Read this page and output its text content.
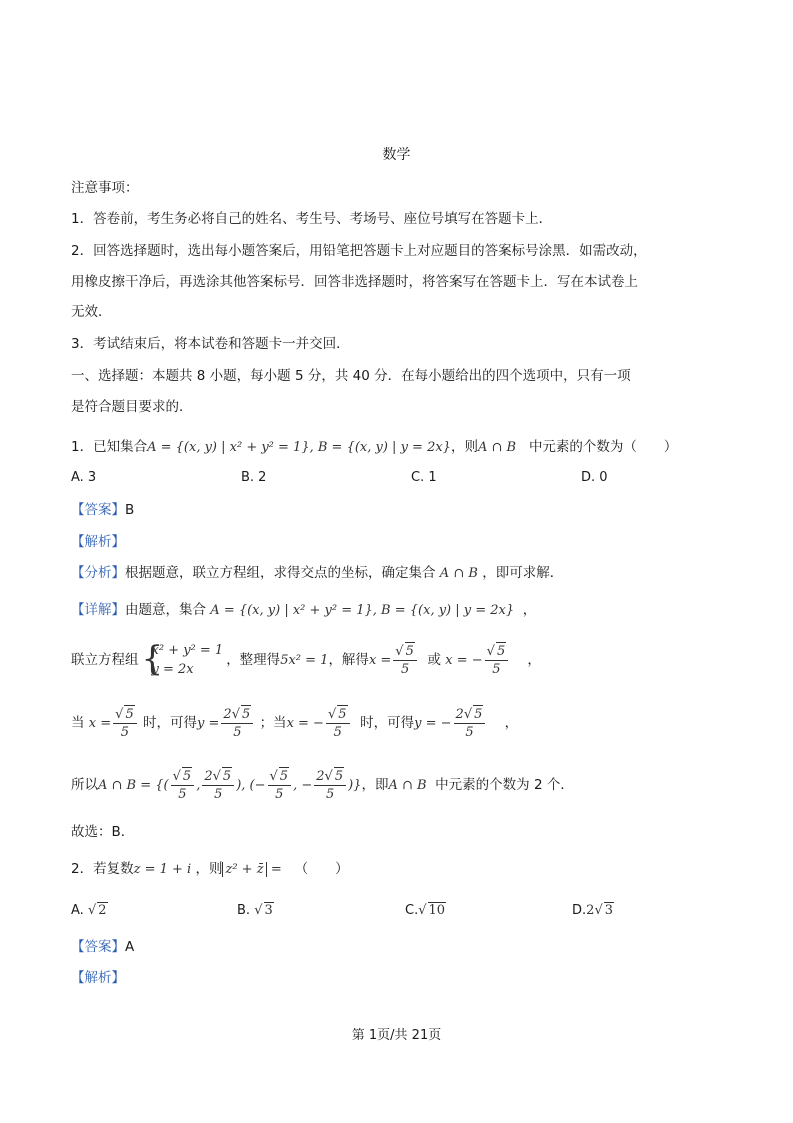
数学
注意事项：
1．答卷前，考生务必将自己的姓名、考生号、考场号、座位号填写在答题卡上．
2．回答选择题时，选出每小题答案后，用铅笔把答题卡上对应题目的答案标号涂黑．如需改动，
用橡皮擦干净后，再选涂其他答案标号．回答非选择题时，将答案写在答题卡上．写在本试卷上
无效．
3．考试结束后，将本试卷和答题卡一并交回．
一、选择题：本题共 8 小题，每小题 5 分，共 40 分．在每小题给出的四个选项中，只有一项
是符合题目要求的．
1．已知集合A = {(x, y) | x² + y² = 1}, B = {(x, y) | y = 2x}，则A ∩ B 中元素的个数为（　　）
A. 3	B. 2	C. 1	D. 0
【答案】B
【解析】
【分析】根据题意，联立方程组，求得交点的坐标，确定集合 A ∩ B ，即可求解．
【详解】由题意，集合 A = {(x, y) | x² + y² = 1}, B = {(x, y) | y = 2x} ，
联立方程组 {
x² + y² = 1
y = 2x
，整理得5x² = 1，解得$x = \frac{√ 5}{5}$ 或 x = − $\frac{√ 5}{5}$ ，
当 $x = \frac{√ 5}{5}$ 时，可得$y = \frac{2√ 5}{5}$ ；当x = − $\frac{√ 5}{5}$ 时，可得y = − $\frac{2√ 5}{5}$ ，
所以A ∩ B = {( $\frac{√ 5}{5}$ , $\frac{2√ 5}{5}$ ), (− $\frac{√ 5}{5}$ , − $\frac{2√ 5}{5}$ )}，即A ∩ B 中元素的个数为 2 个．
故选：B．
2．若复数z = 1 + i ，则 z² + z̄ = （　　）
A. √ 2	B. √ 3	C.√ 10	D.2√ 3
【答案】A
【解析】
第 1页/共 21页
